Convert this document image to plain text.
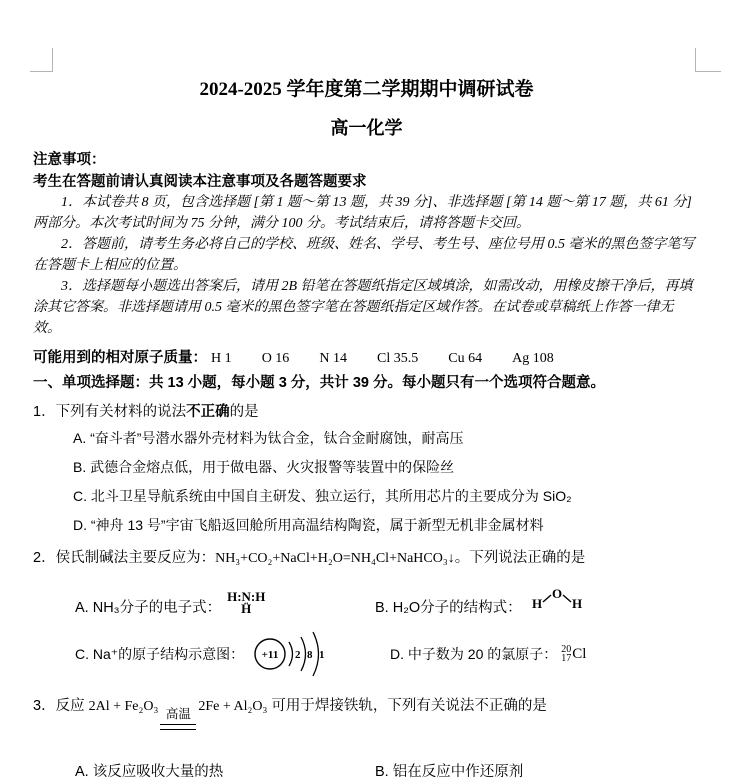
2024-2025 学年度第二学期期中调研试卷
高一化学
注意事项：
考生在答题前请认真阅读本注意事项及各题答题要求

1．本试卷共 8 页，包含选择题 [第 1 题～第 13 题，共 39 分]、非选择题 [第 14 题～第 17 题，共 61 分] 两部分。本次考试时间为 75 分钟，满分 100 分。考试结束后，请将答题卡交回。

2．答题前，请考生务必将自己的学校、班级、姓名、学号、考生号、座位号用 0.5 毫米的黑色签字笔写在答题卡上相应的位置。

3．选择题每小题选出答案后，请用 2B 铅笔在答题纸指定区域填涂，如需改动，用橡皮擦干净后，再填涂其它答案。非选择题请用 0.5 毫米的黑色签字笔在答题纸指定区域作答。在试卷或草稿纸上作答一律无效。

可能用到的相对原子质量： H 1 O 16 N 14 Cl 35.5 Cu 64 Ag 108
一、单项选择题：共 13 小题，每小题 3 分，共计 39 分。每小题只有一个选项符合题意。
1．下列有关材料的说法不正确的是
A. “奋斗者”号潜水器外壳材料为钛合金，钛合金耐腐蚀，耐高压
B. 武德合金熔点低，用于做电器、火灾报警等装置中的保险丝
C. 北斗卫星导航系统由中国自主研发、独立运行，其所用芯片的主要成分为 SiO₂
D. “神舟 13 号”宇宙飞船返回舱所用高温结构陶瓷，属于新型无机非金属材料
2．侯氏制碱法主要反应为：NH₃+CO₂+NaCl+H₂O=NH₄Cl+NaHCO₃↓。下列说法正确的是
A. NH₃分子的电子式：
H:N:H
Ḧ	B. H₂O分子的结构式： H
O
H
C. Na⁺的原子结构示意图： +11 2 8 1	D. 中子数为 20 的氯原子： 20
17 Cl
3．反应 2Al + Fe₂O₃ 高温 2Fe + Al₂O₃ 可用于焊接铁轨，下列有关说法不正确的是
A. 该反应吸收大量的热	B. 铝在反应中作还原剂
